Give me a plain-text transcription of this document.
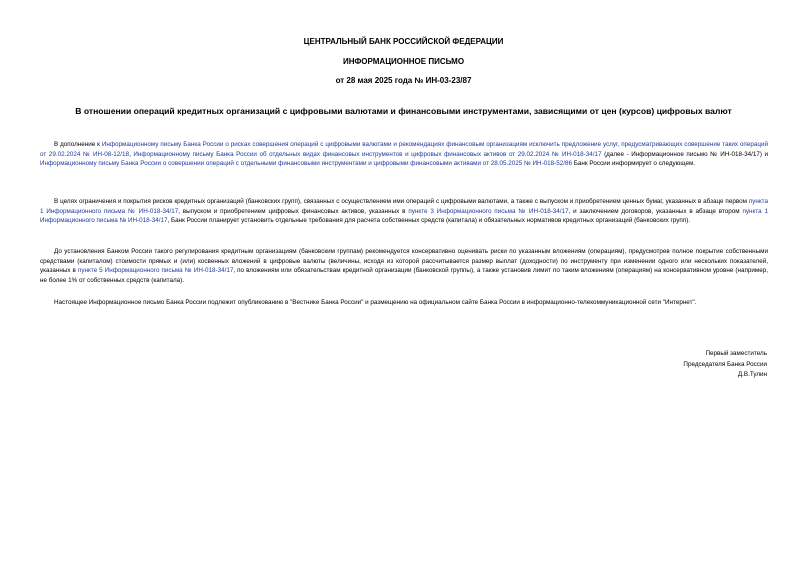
ЦЕНТРАЛЬНЫЙ БАНК РОССИЙСКОЙ ФЕДЕРАЦИИ
ИНФОРМАЦИОННОЕ ПИСЬМО
от 28 мая 2025 года № ИН-03-23/87
В отношении операций кредитных организаций с цифровыми валютами и финансовыми инструментами, зависящими от цен (курсов) цифровых валют

В дополнение к Информационному письму Банка России о рисках совершения операций с цифровыми валютами и рекомендациях финансовым организациям исключить предложение услуг, предусматривающих совершение таких операций от 29.02.2024 № ИН-08-12/18, Информационному письму Банка России об отдельных видах финансовых инструментов и цифровых финансовых активов от 29.02.2024 № ИН-018-34/17 (далее - Информационное письмо № ИН-018-34/17) и Информационному письму Банка России о совершении операций с отдельными финансовыми инструментами и цифровыми финансовыми активами от 28.05.2025 № ИН-018-52/86 Банк России информирует о следующем.

В целях ограничения и покрытия рисков кредитных организаций (банковских групп), связанных с осуществлением ими операций с цифровыми валютами, а также с выпуском и приобретением ценных бумаг, указанных в абзаце первом пункта 1 Информационного письма № ИН-018-34/17, выпуском и приобретением цифровых финансовых активов, указанных в пункте 3 Информационного письма № ИН-018-34/17, и заключением договоров, указанных в абзаце втором пункта 1 Информационного письма № ИН-018-34/17, Банк России планирует установить отдельные требования для расчета собственных средств (капитала) и обязательных нормативов кредитных организаций (банковских групп).

До установления Банком России такого регулирования кредитным организациям (банковским группам) рекомендуется консервативно оценивать риски по указанным вложениям (операциям), предусмотрев полное покрытие собственными средствами (капиталом) стоимости прямых и (или) косвенных вложений в цифровые валюты (величины, исходя из которой рассчитывается размер выплат (доходности) по инструменту при изменении одного или нескольких показателей, указанных в пункте 5 Информационного письма № ИН-018-34/17, по вложениям или обязательствам кредитной организации (банковской группы), а также установив лимит по таким вложениям (операциям) на консервативном уровне (например, не более 1% от собственных средств (капитала).

Настоящее Информационное письмо Банка России подлежит опубликованию в "Вестнике Банка России" и размещению на официальном сайте Банка России в информационно-телекоммуникационной сети "Интернет".

Первый заместитель
Председателя Банка России
Д.В.Тулин
